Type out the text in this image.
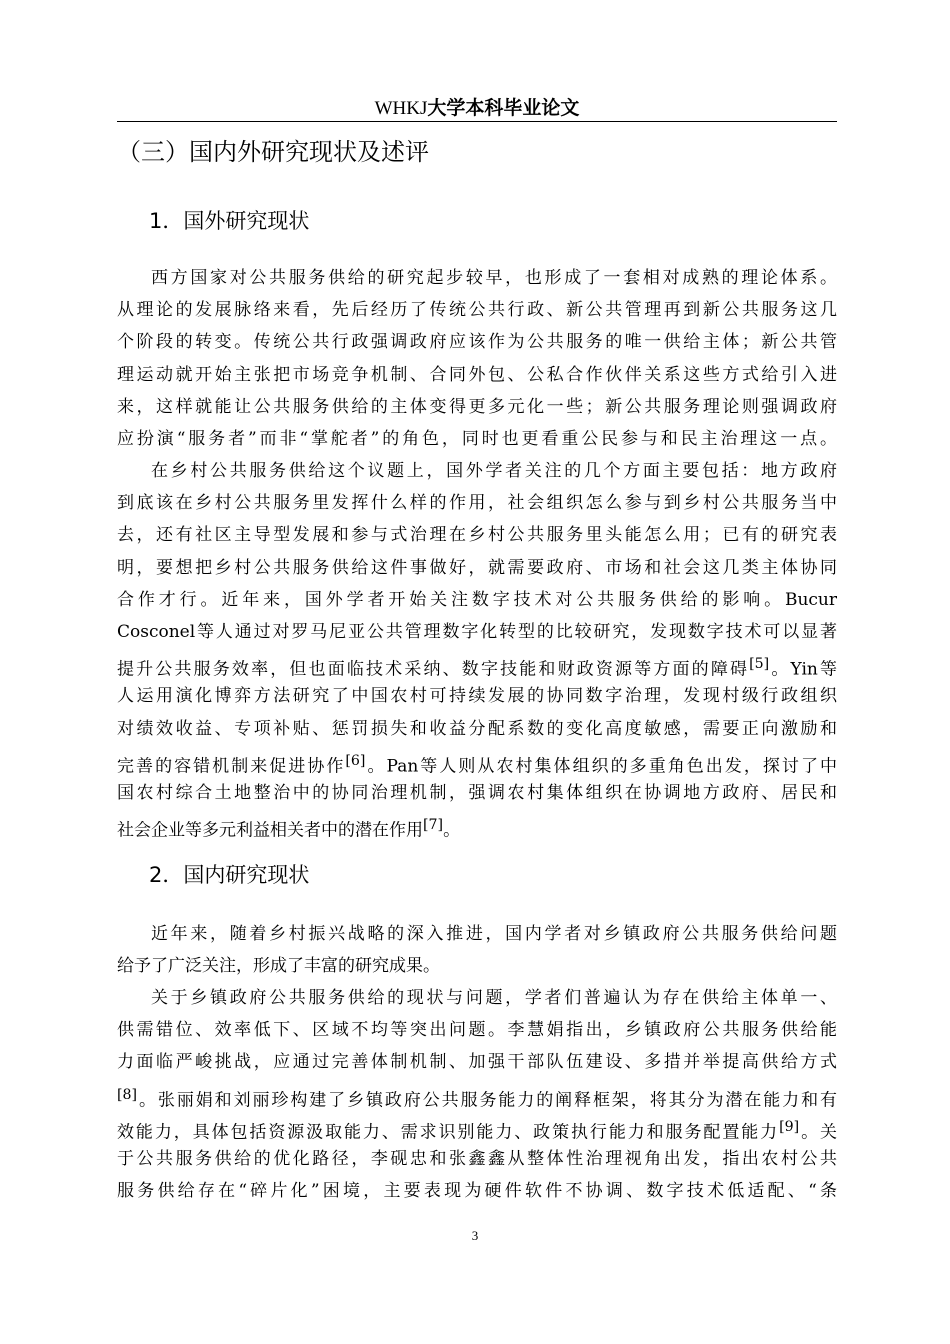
WHKJ大学本科毕业论文
（三）国内外研究现状及述评
1．国外研究现状
西方国家对公共服务供给的研究起步较早，也形成了一套相对成熟的理论体系。
从理论的发展脉络来看，先后经历了传统公共行政、新公共管理再到新公共服务这几
个阶段的转变。传统公共行政强调政府应该作为公共服务的唯一供给主体；新公共管
理运动就开始主张把市场竞争机制、合同外包、公私合作伙伴关系这些方式给引入进
来，这样就能让公共服务供给的主体变得更多元化一些；新公共服务理论则强调政府
应扮演“服务者”而非“掌舵者”的角色，同时也更看重公民参与和民主治理这一点。
在乡村公共服务供给这个议题上，国外学者关注的几个方面主要包括：地方政府
到底该在乡村公共服务里发挥什么样的作用，社会组织怎么参与到乡村公共服务当中
去，还有社区主导型发展和参与式治理在乡村公共服务里头能怎么用；已有的研究表
明，要想把乡村公共服务供给这件事做好，就需要政府、市场和社会这几类主体协同
合作才行。近年来，国外学者开始关注数字技术对公共服务供给的影响。Bucur
Cosconel等人通过对罗马尼亚公共管理数字化转型的比较研究，发现数字技术可以显著
提升公共服务效率，但也面临技术采纳、数字技能和财政资源等方面的障碍[5]。Yin等
人运用演化博弈方法研究了中国农村可持续发展的协同数字治理，发现村级行政组织
对绩效收益、专项补贴、惩罚损失和收益分配系数的变化高度敏感，需要正向激励和
完善的容错机制来促进协作[6]。Pan等人则从农村集体组织的多重角色出发，探讨了中
国农村综合土地整治中的协同治理机制，强调农村集体组织在协调地方政府、居民和
社会企业等多元利益相关者中的潜在作用[7]。
2．国内研究现状
近年来，随着乡村振兴战略的深入推进，国内学者对乡镇政府公共服务供给问题
给予了广泛关注，形成了丰富的研究成果。
关于乡镇政府公共服务供给的现状与问题，学者们普遍认为存在供给主体单一、
供需错位、效率低下、区域不均等突出问题。李慧娟指出，乡镇政府公共服务供给能
力面临严峻挑战，应通过完善体制机制、加强干部队伍建设、多措并举提高供给方式
[8]。张丽娟和刘丽珍构建了乡镇政府公共服务能力的阐释框架，将其分为潜在能力和有
效能力，具体包括资源汲取能力、需求识别能力、政策执行能力和服务配置能力[9]。关
于公共服务供给的优化路径，李砚忠和张鑫鑫从整体性治理视角出发，指出农村公共
服务供给存在“碎片化”困境，主要表现为硬件软件不协调、数字技术低适配、“条
3
